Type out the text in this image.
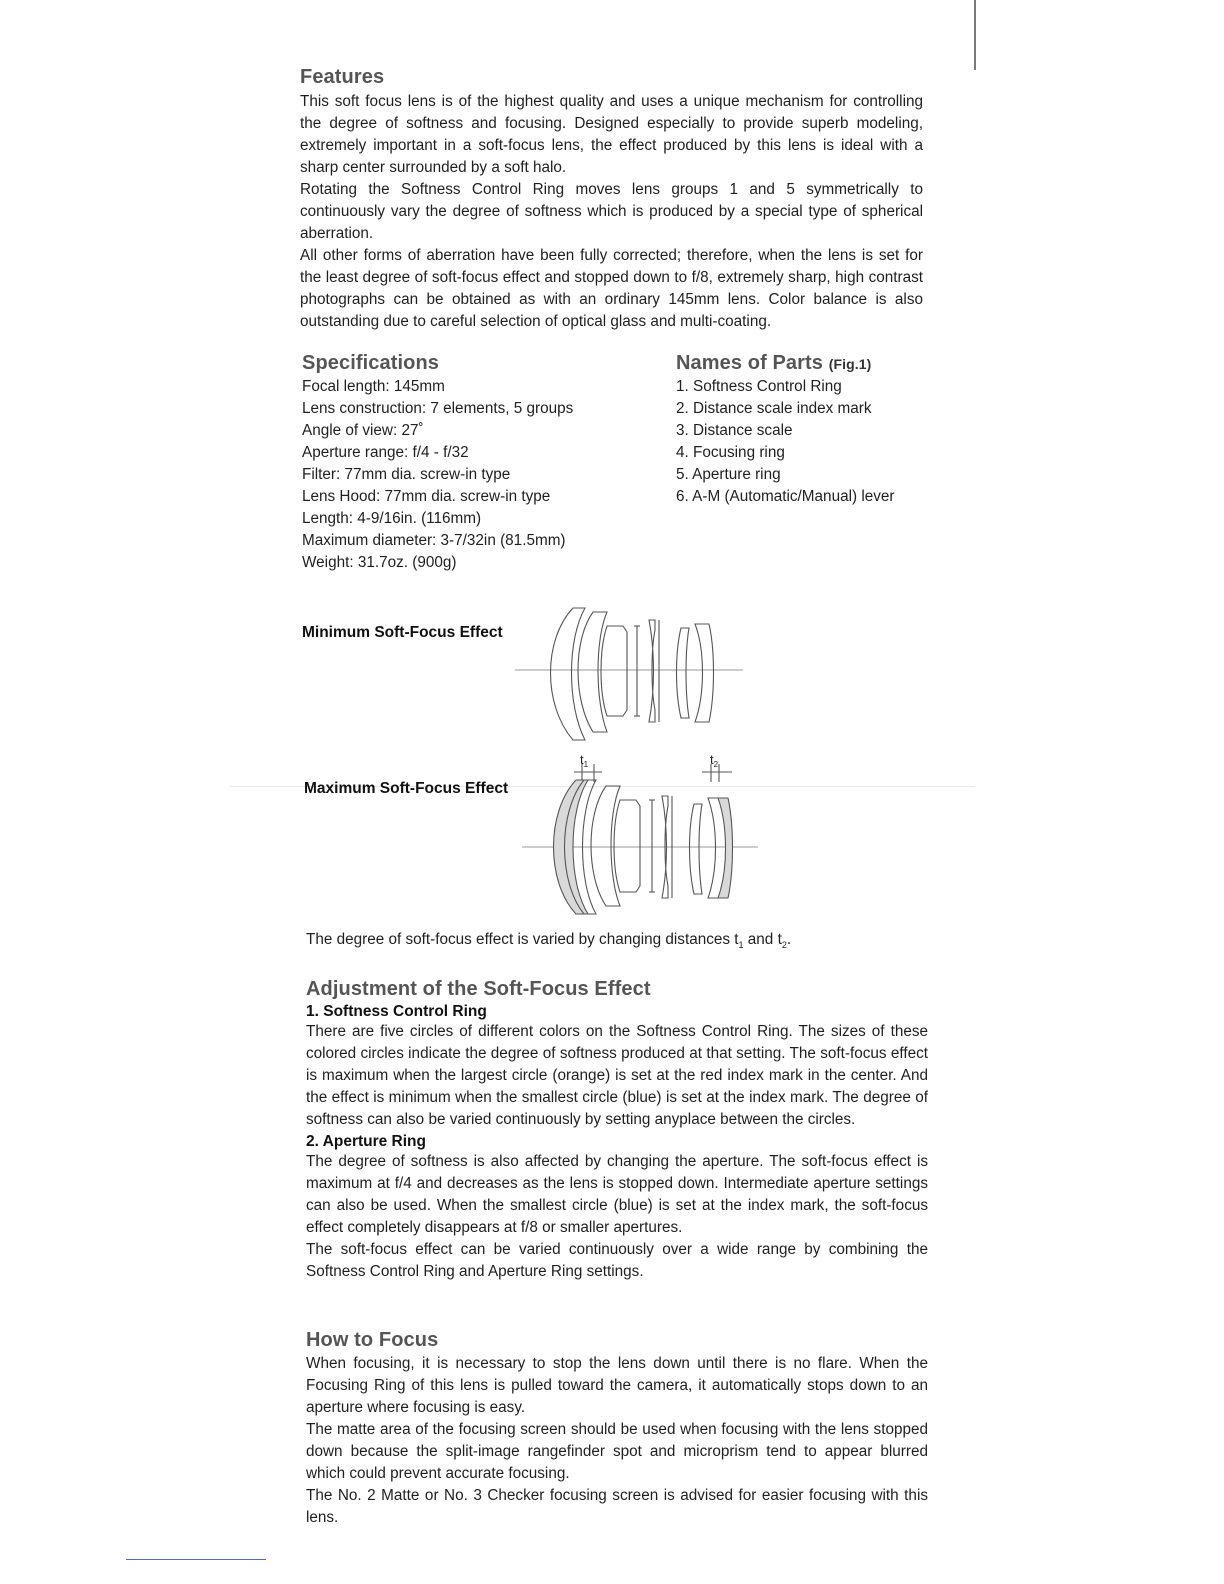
Features

This soft focus lens is of the highest quality and uses a unique mechanism for controlling the degree of softness and focusing. Designed especially to provide superb modeling, extremely important in a soft-focus lens, the effect produced by this lens is ideal with a sharp center surrounded by a soft halo.

Rotating the Softness Control Ring moves lens groups 1 and 5 symmetrically to continuously vary the degree of softness which is produced by a special type of spherical aberration.

All other forms of aberration have been fully corrected; therefore, when the lens is set for the least degree of soft-focus effect and stopped down to f/8, extremely sharp, high contrast photographs can be obtained as with an ordinary 145mm lens. Color balance is also outstanding due to careful selection of optical glass and multi-coating.

Specifications
Focal length: 145mm
Lens construction: 7 elements, 5 groups
Angle of view: 27˚
Aperture range: f/4 - f/32
Filter: 77mm dia. screw-in type
Lens Hood: 77mm dia. screw-in type
Length: 4-9/16in. (116mm)
Maximum diameter: 3-7/32in (81.5mm)
Weight: 31.7oz. (900g)
Names of Parts (Fig.1)
1. Softness Control Ring
2. Distance scale index mark
3. Distance scale
4. Focusing ring
5. Aperture ring
6. A-M (Automatic/Manual) lever
Minimum Soft-Focus Effect
Maximum Soft-Focus Effect
$t_1$	$t_2$
The degree of soft-focus effect is varied by changing distances $t_1$ and $t_2$.
Adjustment of the Soft-Focus Effect
1. Softness Control Ring

There are five circles of different colors on the Softness Control Ring. The sizes of these colored circles indicate the degree of softness produced at that setting. The soft-focus effect is maximum when the largest circle (orange) is set at the red index mark in the center. And the effect is minimum when the smallest circle (blue) is set at the index mark. The degree of softness can also be varied continuously by setting anyplace between the circles.

2. Aperture Ring

The degree of softness is also affected by changing the aperture. The soft-focus effect is maximum at f/4 and decreases as the lens is stopped down. Intermediate aperture settings can also be used. When the smallest circle (blue) is set at the index mark, the soft-focus effect completely disappears at f/8 or smaller apertures.

The soft-focus effect can be varied continuously over a wide range by combining the Softness Control Ring and Aperture Ring settings.

How to Focus

When focusing, it is necessary to stop the lens down until there is no flare. When the Focusing Ring of this lens is pulled toward the camera, it automatically stops down to an aperture where focusing is easy.

The matte area of the focusing screen should be used when focusing with the lens stopped down because the split-image rangefinder spot and microprism tend to appear blurred which could prevent accurate focusing.

The No. 2 Matte or No. 3 Checker focusing screen is advised for easier focusing with this lens.
